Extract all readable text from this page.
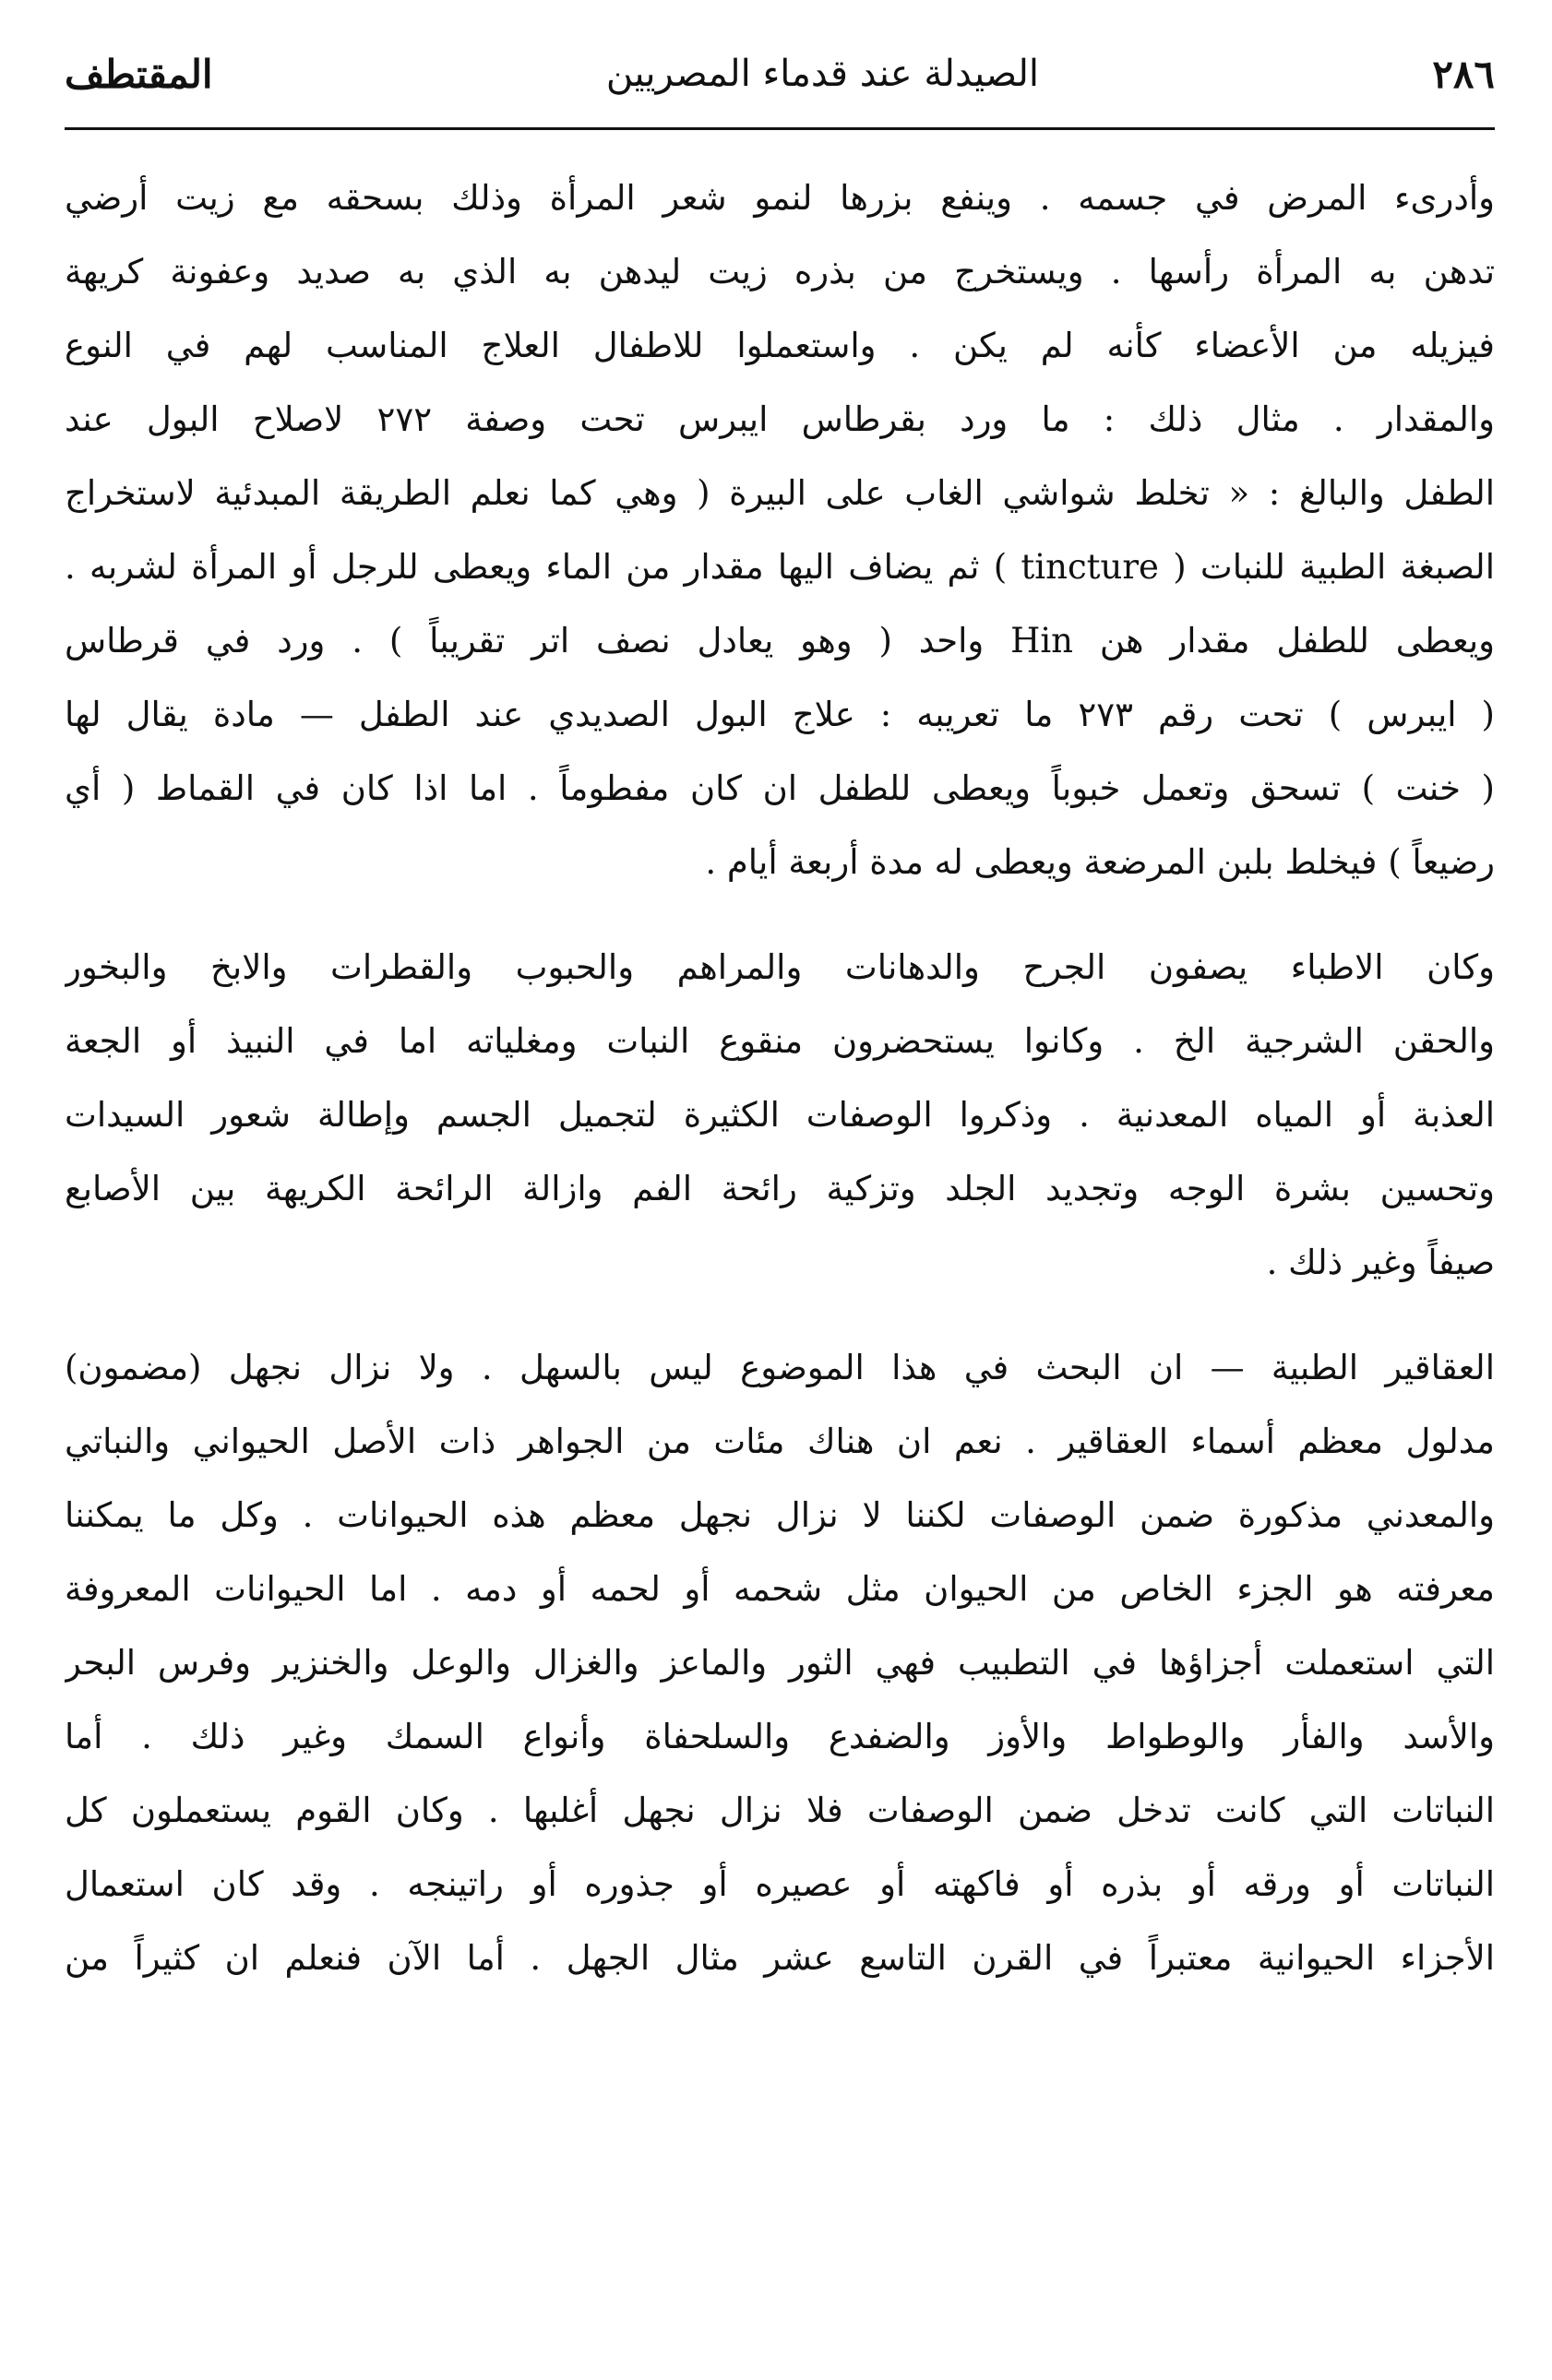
٢٨٦
الصيدلة عند قدماء المصريين
المقتطف

وأدرىء المرض في جسمه . وينفع بزرها لنمو شعر المرأة وذلك بسحقه مع زيت أرضي
تدهن به المرأة رأسها . ويستخرج من بذره زيت ليدهن به الذي به صديد وعفونة كريهة
فيزيله من الأعضاء كأنه لم يكن . واستعملوا للاطفال العلاج المناسب لهم في النوع
والمقدار . مثال ذلك : ما ورد بقرطاس ايبرس تحت وصفة ٢٧٢ لاصلاح البول عند
الطفل والبالغ : « تخلط شواشي الغاب على البيرة ( وهي كما نعلم الطريقة المبدئية لاستخراج
الصبغة الطبية للنبات ( tincture ) ثم يضاف اليها مقدار من الماء ويعطى للرجل أو المرأة لشربه .
ويعطى للطفل مقدار هن Hin واحد ( وهو يعادل نصف اتر تقريباً ) . ورد في قرطاس
( ايبرس ) تحت رقم ٢٧٣ ما تعريبه : علاج البول الصديدي عند الطفل — مادة يقال لها
( خنت ) تسحق وتعمل خبوباً ويعطى للطفل ان كان مفطوماً . اما اذا كان في القماط ( أي
رضيعاً ) فيخلط بلبن المرضعة ويعطى له مدة أربعة أيام .

وكان الاطباء يصفون الجرح والدهانات والمراهم والحبوب والقطرات والابخ والبخور
والحقن الشرجية الخ . وكانوا يستحضرون منقوع النبات ومغلياته اما في النبيذ أو الجعة
العذبة أو المياه المعدنية . وذكروا الوصفات الكثيرة لتجميل الجسم وإطالة شعور السيدات
وتحسين بشرة الوجه وتجديد الجلد وتزكية رائحة الفم وازالة الرائحة الكريهة بين الأصابع
صيفاً وغير ذلك .

العقاقير الطبية — ان البحث في هذا الموضوع ليس بالسهل . ولا نزال نجهل (مضمون)
مدلول معظم أسماء العقاقير . نعم ان هناك مئات من الجواهر ذات الأصل الحيواني والنباتي
والمعدني مذكورة ضمن الوصفات لكننا لا نزال نجهل معظم هذه الحيوانات . وكل ما يمكننا
معرفته هو الجزء الخاص من الحيوان مثل شحمه أو لحمه أو دمه . اما الحيوانات المعروفة
التي استعملت أجزاؤها في التطبيب فهي الثور والماعز والغزال والوعل والخنزير وفرس البحر
والأسد والفأر والوطواط والأوز والضفدع والسلحفاة وأنواع السمك وغير ذلك . أما
النباتات التي كانت تدخل ضمن الوصفات فلا نزال نجهل أغلبها . وكان القوم يستعملون كل
النباتات أو ورقه أو بذره أو فاكهته أو عصيره أو جذوره أو راتينجه . وقد كان استعمال
الأجزاء الحيوانية معتبراً في القرن التاسع عشر مثال الجهل . أما الآن فنعلم ان كثيراً من
